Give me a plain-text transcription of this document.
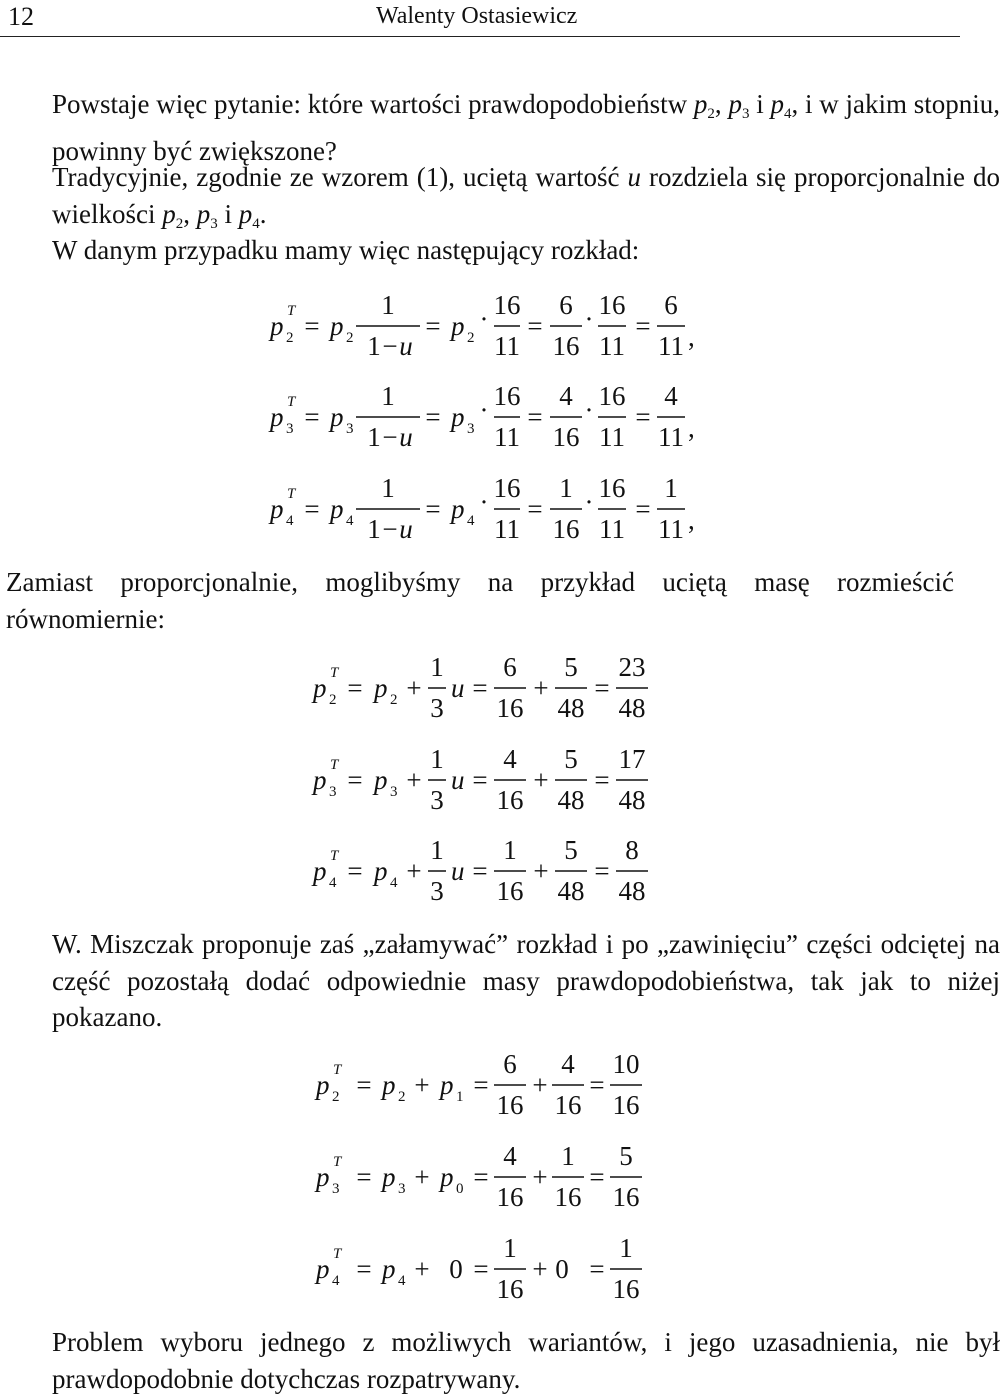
12	Walenty Ostasiewicz
Powstaje więc pytanie: które wartości prawdopodobieństw $p_2$, $p_3$ i $p_4$, i w jakim stopniu, powinny być zwiększone?
Tradycyjnie, zgodnie ze wzorem (1), uciętą wartość u rozdziela się proporcjonalnie do wielkości $p_2$, $p_3$ i $p_4$.
W danym przypadku mamy więc następujący rozkład:
p T
2 = p 2
1
1 − u
= p 2
· 16
11
=
6
16
· 16
11
=
6
11 ,
p T
3 = p 3
1
1 − u
= p 3
· 16
11
=
4
16
· 16
11
=
4
11 ,
p T
4 = p 4
1
1 − u
= p 4
· 16
11
=
1
16
· 16
11
=
1
11 ,
p T
2 = p 2 +
1
3
u =
6
16
+
5
48
=
23
48
p T
3 = p 3 +
1
3
u =
4
16
+
5
48
=
17
48
p T
4 = p 4 +
1
3
u =
1
16
+
5
48
=
8
48
p T
2 = p 2 + p 1 =
6
16
+
4
16
=
10
16
p T
3 = p 3 + p 0 =
4
16
+
1
16
=
5
16
p T
4 = p 4 + 0 =
1
16
+ 0 =
1
16
Zamiast proporcjonalnie, moglibyśmy na przykład uciętą masę rozmieścić równomiernie:
W. Miszczak proponuje zaś „załamywać” rozkład i po „zawinięciu” części odciętej na część pozostałą dodać odpowiednie masy prawdopodobieństwa, tak jak to niżej pokazano.
Problem wyboru jednego z możliwych wariantów, i jego uzasadnienia, nie był prawdopodobnie dotychczas rozpatrywany.
